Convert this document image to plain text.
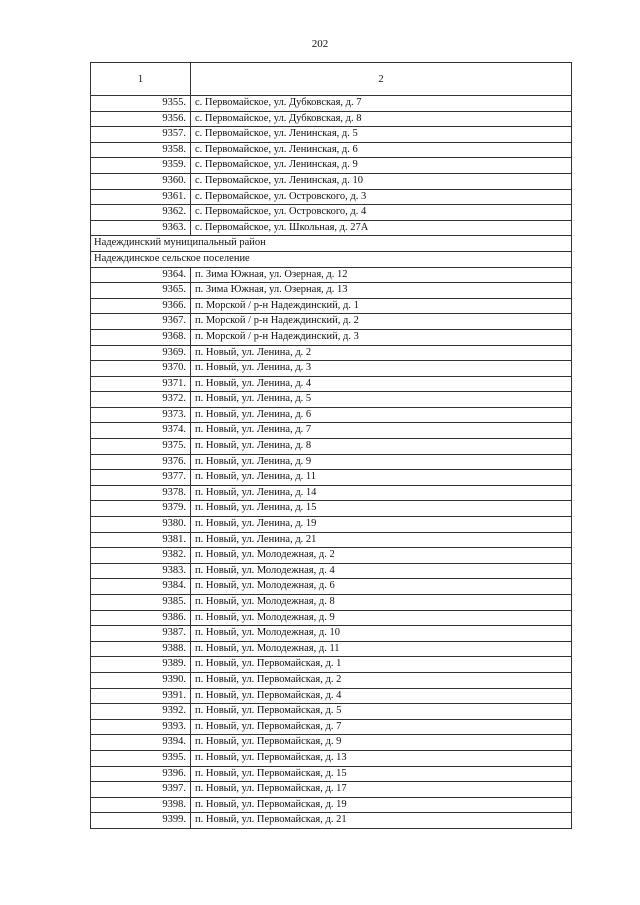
202
1	2
9355.	с. Первомайское, ул. Дубковская, д. 7
9356.	с. Первомайское, ул. Дубковская, д. 8
9357.	с. Первомайское, ул. Ленинская, д. 5
9358.	с. Первомайское, ул. Ленинская, д. 6
9359.	с. Первомайское, ул. Ленинская, д. 9
9360.	с. Первомайское, ул. Ленинская, д. 10
9361.	с. Первомайское, ул. Островского, д. 3
9362.	с. Первомайское, ул. Островского, д. 4
9363.	с. Первомайское, ул. Школьная, д. 27А
Надеждинский муниципальный район	
Надеждинское сельское поселение	
9364.	п. Зима Южная, ул. Озерная, д. 12
9365.	п. Зима Южная, ул. Озерная, д. 13
9366.	п. Морской / р-н Надеждинский, д. 1
9367.	п. Морской / р-н Надеждинский, д. 2
9368.	п. Морской / р-н Надеждинский, д. 3
9369.	п. Новый, ул. Ленина, д. 2
9370.	п. Новый, ул. Ленина, д. 3
9371.	п. Новый, ул. Ленина, д. 4
9372.	п. Новый, ул. Ленина, д. 5
9373.	п. Новый, ул. Ленина, д. 6
9374.	п. Новый, ул. Ленина, д. 7
9375.	п. Новый, ул. Ленина, д. 8
9376.	п. Новый, ул. Ленина, д. 9
9377.	п. Новый, ул. Ленина, д. 11
9378.	п. Новый, ул. Ленина, д. 14
9379.	п. Новый, ул. Ленина, д. 15
9380.	п. Новый, ул. Ленина, д. 19
9381.	п. Новый, ул. Ленина, д. 21
9382.	п. Новый, ул. Молодежная, д. 2
9383.	п. Новый, ул. Молодежная, д. 4
9384.	п. Новый, ул. Молодежная, д. 6
9385.	п. Новый, ул. Молодежная, д. 8
9386.	п. Новый, ул. Молодежная, д. 9
9387.	п. Новый, ул. Молодежная, д. 10
9388.	п. Новый, ул. Молодежная, д. 11
9389.	п. Новый, ул. Первомайская, д. 1
9390.	п. Новый, ул. Первомайская, д. 2
9391.	п. Новый, ул. Первомайская, д. 4
9392.	п. Новый, ул. Первомайская, д. 5
9393.	п. Новый, ул. Первомайская, д. 7
9394.	п. Новый, ул. Первомайская, д. 9
9395.	п. Новый, ул. Первомайская, д. 13
9396.	п. Новый, ул. Первомайская, д. 15
9397.	п. Новый, ул. Первомайская, д. 17
9398.	п. Новый, ул. Первомайская, д. 19
9399.	п. Новый, ул. Первомайская, д. 21
